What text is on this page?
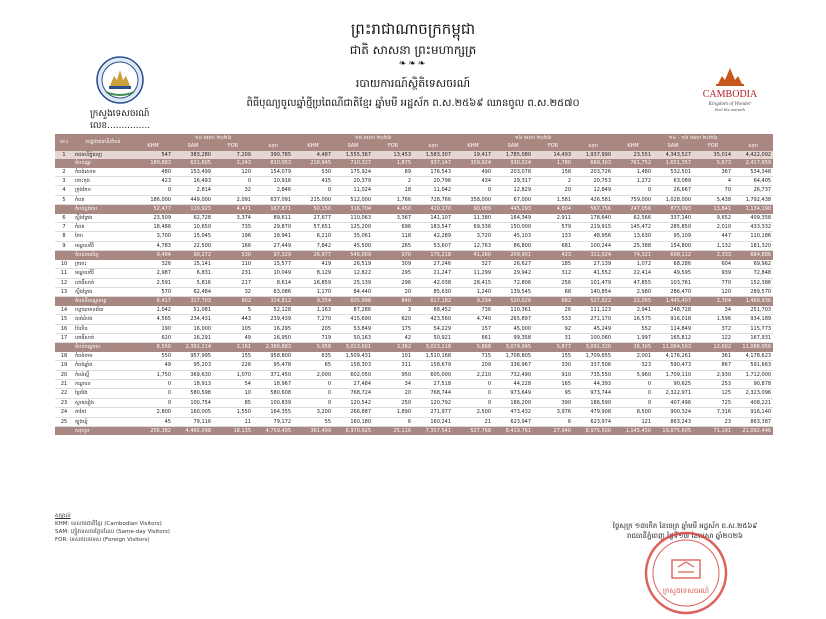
ព្រះរាជាណាចក្រកម្ពុជា
ជាតិ សាសនា ព្រះមហាក្សត្រ
❧❧❧
របាយការណ៍ស្ថិតិទេសចរណ៍
ពិធីបុណ្យចូលឆ្នាំថ្មីប្រពៃណីជាតិខ្មែរ ឆ្នាំមមី អដ្ឋស័ក ព.ស.២៥៦៩ ឈានចូល ព.ស.២៥៧០
ក្រសួងទេសចរណ៍
លេខ...............
CAMBODIA
Kingdom of Wonder
Feel the warmth
ល.រ	ខេត្ត/រាជធានី/តំបន់	១៤ មេសា ២០២៦				១៥ មេសា ២០២៦				១៦ មេសា ២០២៦				១៤ - ១៦ មេសា ២០២៦			
		KHM	SAM	FOR	សរុប	KHM	SAM	FOR	សរុប	KHM	SAM	FOR	សរុប	KHM	SAM	FOR	សរុប
1	រាជធានីភ្នំពេញ	547	383,280	7,209	390,785	4,487	1,555,367	13,453	1,583,307	19,417	1,785,080	14,493	1,937,990	23,551	4,343,527	35,014	4,422,092
	តំបន់ឆ្នេរ	189,883	621,805	2,243	810,053	216,945	710,327	1,875	937,147	359,924	930,024	1,780	669,303	761,752	1,651,357	5,673	2,417,959
2	កំពង់សោម	480	153,499	120	154,079	530	175,924	89	176,543	490	203,078	158	203,726	1,480	532,501	367	534,348
3	កោះកុង	423	16,493	0	10,916	415	20,379	2	20,796	434	29,317	2	20,753	1,272	63,089	4	64,405
4	ក្រុងកែប	0	2,814	32	2,846	0	11,024	18	11,042	0	12,829	20	12,849	0	26,667	70	26,737
5	កំពត	186,000	449,000	2,091	637,091	215,000	512,000	1,766	728,766	358,000	67,000	1,581	426,581	759,000	1,028,000	5,438	1,792,438
	តំបន់ខ្ពង់រាប	52,477	110,923	4,471	167,871	50,150	316,704	4,450	420,170	90,089	445,293	4,804	567,756	247,056	873,093	13,841	1,134,190
6	ស្ទឹងត្រែង	23,509	62,728	3,374	89,611	27,677	110,063	3,367	141,107	11,380	164,349	2,911	178,640	62,566	337,140	9,652	409,358
7	កំពត	18,486	10,650	735	29,870	57,651	125,200	696	183,547	69,336	150,000	579	219,915	145,472	285,850	2,010	433,332
8	កែប	3,700	15,045	196	18,941	6,210	35,061	118	42,289	3,720	45,103	133	48,956	13,630	95,109	447	110,186
9	មណ្ឌលគិរី	4,783	22,500	166	27,449	7,842	45,500	265	53,607	12,763	86,800	681	100,244	25,388	154,800	1,132	181,320
	តំបន់ពាយ័ព្យ	9,484	90,272	530	97,329	26,977	546,009	970	175,218	41,260	209,901	423	311,024	74,321	608,112	2,333	684,886
10	ក្រចេះ	326	15,141	110	15,577	419	26,519	309	27,246	327	26,627	185	27,139	1,072	68,286	604	69,962
11	មណ្ឌលគិរី	2,987	6,831	231	10,049	8,129	12,822	295	21,247	11,299	29,942	312	41,552	22,414	49,595	939	72,848
12	ពោធិ៍សាត់	2,591	5,816	217	8,614	16,859	25,139	296	42,038	28,415	72,806	256	101,479	47,855	103,761	770	152,386
13	ស្ទឹងត្រែង	570	62,484	32	63,086	1,170	84,440	20	85,630	1,240	139,545	68	140,854	2,980	286,470	120	289,570
	តំបន់ដីសណ្ដទន្លេ	6,417	317,703	802	324,812	9,354	605,998	840	617,182	9,294	520,026	682	527,822	22,065	1,445,407	2,304	1,469,936
14	បន្ទាយមានជ័យ	1,042	51,081	5	52,128	1,163	87,286	3	88,452	736	110,361	26	111,123	2,941	248,728	34	251,703
15	បាត់ដំបង	4,565	234,431	443	239,439	7,270	415,690	620	423,560	4,740	265,897	533	271,170	16,575	916,018	1,596	934,189
16	ប៉ៃលិន	190	16,000	105	16,295	205	53,849	175	54,229	157	45,000	92	45,249	552	114,849	372	115,773
17	ពោធិ៍សាត់	620	16,291	49	16,950	719	50,163	42	50,921	661	99,358	31	100,060	1,997	165,812	122	167,931
	តំបន់កណ្ដាល	6,550	2,391,214	3,161	2,380,883	5,958	3,013,601	3,362	3,023,118	5,868	3,079,995	5,877	3,091,320	16,305	11,064,503	12,602	11,086,056
18	កំពង់ចាម	550	957,995	155	958,800	635	1,509,431	101	1,510,168	715	1,708,805	155	1,709,655	2,001	4,176,261	361	4,178,623
19	កំពង់ឆ្នាំង	49	95,203	226	95,478	65	158,303	311	158,679	209	336,967	330	337,506	323	590,473	867	591,663
20	កំពង់ស្ពឺ	1,750	369,630	1,070	371,450	2,000	602,050	950	605,000	2,210	732,490	910	735,550	5,960	1,709,110	2,930	1,712,000
21	កណ្ដាល	0	18,913	54	18,967	0	27,484	34	27,518	0	44,228	165	44,393	0	90,625	253	90,878
22	ព្រៃវែង	0	580,598	10	580,608	0	768,724	20	768,744	0	973,649	95	973,744	0	2,322,971	125	2,323,096
23	ស្វាយរៀង	0	100,754	85	100,839	0	120,542	250	120,792	0	186,200	390	186,590	0	407,496	725	408,221
24	តាកែវ	2,800	160,005	1,550	164,355	3,200	266,887	1,890	271,977	2,500	473,432	3,976	479,908	8,500	900,324	7,316	916,140
25	ត្បូងឃ្មុំ	45	79,116	11	79,172	55	160,180	6	160,241	21	623,947	6	623,974	121	863,243	23	863,387
	សរុបរួម	256,382	4,465,098	18,135	4,759,405	361,499	6,970,925	25,116	7,357,541	527,768	8,419,761	27,940	8,975,500	1,145,450	19,875,605	71,191	21,092,446
សម្គាល់
KHM: ទេសចរជាតិខ្មែរ (Cambodian Visitors)
SAM: ភ្ញៀវទេសចរថ្ងៃដដែល (Same-day Visitors)
FOR: ទេសចរបរទេស (Foreign Visitors)
ថ្ងៃសុក្រ ១៣កើត ខែចេត្រ ឆ្នាំមមី អដ្ឋស័ក ព.ស.២៥៦៩
រាជធានីភ្នំពេញ ថ្ងៃទី១៧ ខែមេសា ឆ្នាំ២០២៦
ក្រសួងទេសចរណ៍
